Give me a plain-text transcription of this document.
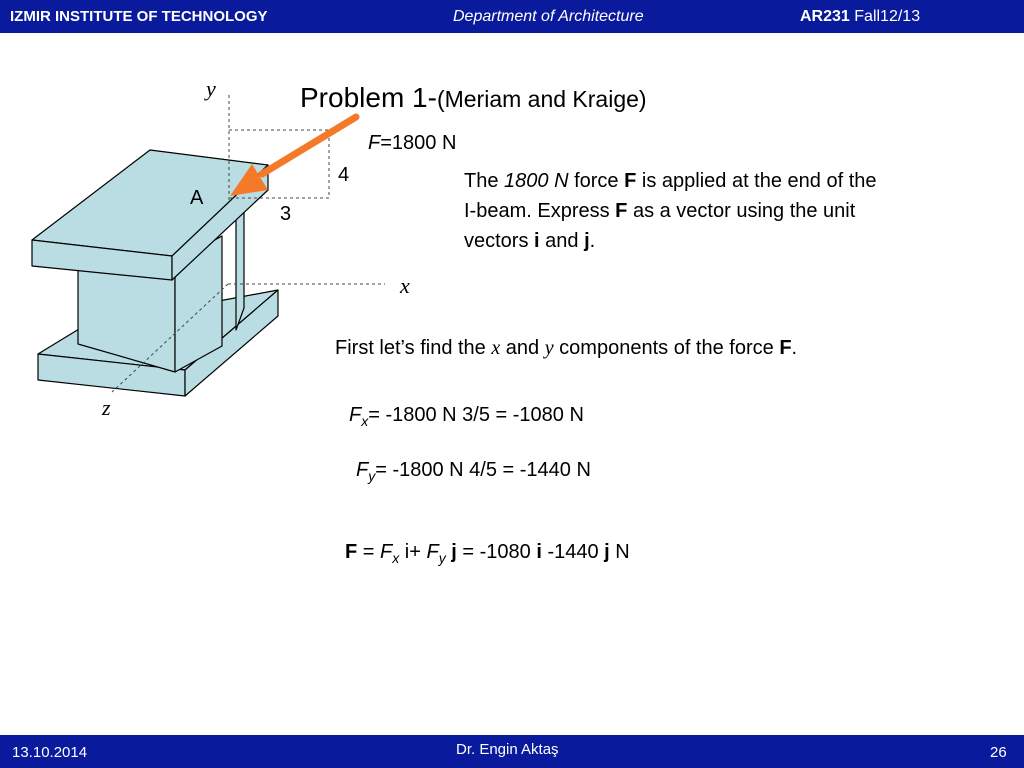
IZMIR INSTITUTE OF TECHNOLOGY	Department of Architecture	AR231 Fall12/13
y
x
z
A
4
3
F=1800 N
Problem 1-(Meriam and Kraige)
The 1800 N force F is applied at the end of the
I-beam. Express F as a vector using the unit
vectors i and j.
First let’s find the x and y components of the force F.
$F_x= -1800$ N 3/5 = -1080 N
$F_y= -1800$ N 4/5 = -1440 N
$F = F_x$ $i+ F_y$ j = -1080 i -1440 j N
13.10.2014	Dr. Engin Aktaş	26
